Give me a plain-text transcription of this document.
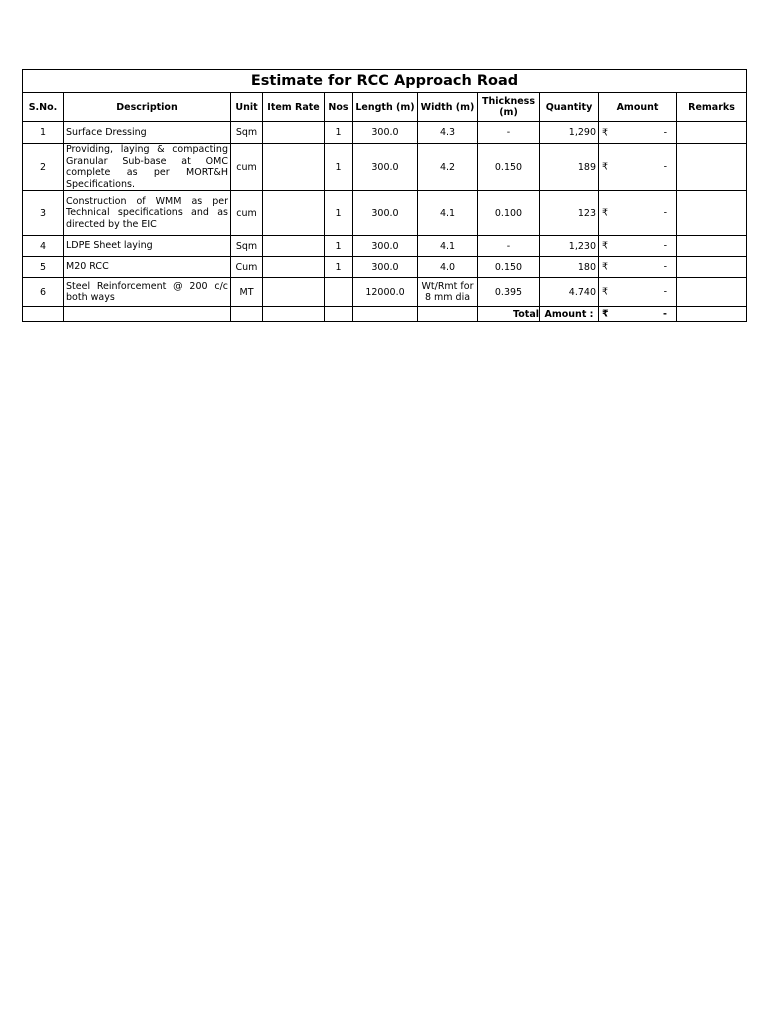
Estimate for RCC Approach Road										
S.No.	Description	Unit	Item Rate	Nos	Length (m)	Width (m)	Thickness (m)	Quantity	Amount	Remarks
1	Surface Dressing	Sqm		1	300.0	4.3	-	1,290	₹ -	

2	Providing, laying & compacting Granular Sub-base at OMC complete as per MORT&H Specifications.	cum		1	300.0	4.2	0.150	189	₹ -	

3	Construction of WMM as per Technical specifications and as directed by the EIC	cum		1	300.0	4.1	0.100	123	₹ -	

4	LDPE Sheet laying	Sqm		1	300.0	4.1	-	1,230	₹ -	

5	M20 RCC	Cum		1	300.0	4.0	0.150	180	₹ -	

6	Steel Reinforcement @ 200 c/c both ways	MT			12000.0	Wt/Rmt for 8 mm dia	0.395	4.740	₹ -	

							Total	Amount :	₹ -	
